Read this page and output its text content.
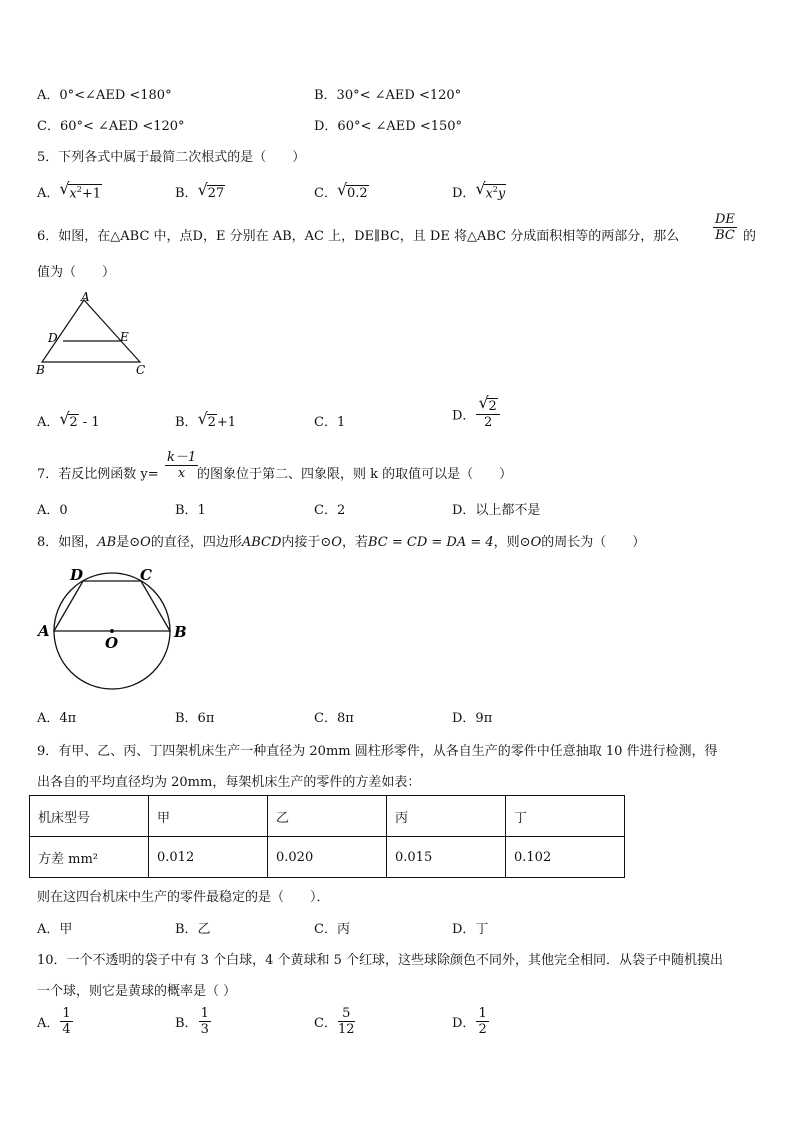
A．0°<∠AED <180°	B．30°< ∠AED <120°
C．60°< ∠AED <120°	D．60°< ∠AED <150°
5．下列各式中属于最简二次根式的是（　　）
A． √ $x^2+1$	B． √ 27	C． √ 0.2	D． √ $x^2y$
6．如图，在△ABC 中，点D，E 分别在 AB，AC 上，DE∥BC，且 DE 将△ABC 分成面积相等的两部分，那么	$\frac{DE}{BC}$ 的
值为（　　）
A
D	E
B	C
A． √ 2 - 1	B． √ 2+1	C．1	D． $\frac{√ 2}{2}$
7．若反比例函数 $y= \frac{k-1}{x}$
的图象位于第二、四象限，则 k 的取值可以是（　　）
A．0	B．1	C．2	D．以上都不是
8．如图，AB是⊙O的直径，四边形ABCD内接于⊙O，若BC = CD = DA = 4，则⊙O的周长为（　　）
D	C
A	B
O
A．4π	B．6π	C．8π	D．9π
9．有甲、乙、丙、丁四架机床生产一种直径为 20mm 圆柱形零件，从各自生产的零件中任意抽取 10 件进行检测，得
出各自的平均直径均为 20mm，每架机床生产的零件的方差如表：
机床型号	甲	乙	丙	丁
方差 mm²	0.012	0.020	0.015	0.102
则在这四台机床中生产的零件最稳定的是（　　）．
A．甲	B．乙	C．丙	D．丁
10．一个不透明的袋子中有 3 个白球，4 个黄球和 5 个红球，这些球除颜色不同外，其他完全相同．从袋子中随机摸出
一个球，则它是黄球的概率是（ ）
A． $\frac{1}{4}$	B． $\frac{1}{3}$	C． $\frac{5}{12}$	D． $\frac{1}{2}$
